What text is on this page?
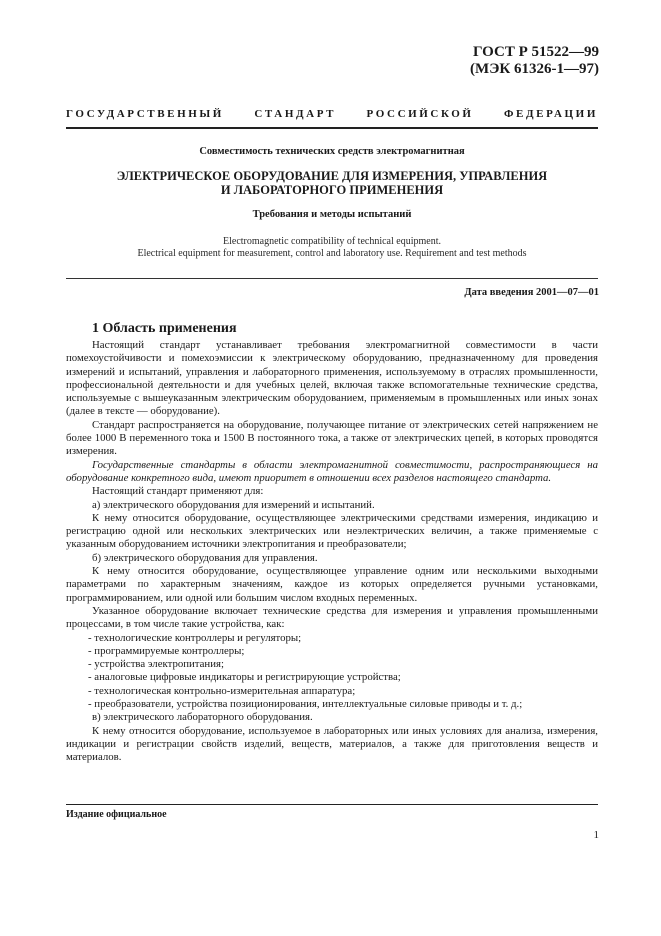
ГОСТ Р 51522—99
(МЭК 61326-1—97)
ГОСУДАРСТВЕННЫЙ СТАНДАРТ РОССИЙСКОЙ ФЕДЕРАЦИИ
Совместимость технических средств электромагнитная
ЭЛЕКТРИЧЕСКОЕ ОБОРУДОВАНИЕ ДЛЯ ИЗМЕРЕНИЯ, УПРАВЛЕНИЯ
И ЛАБОРАТОРНОГО ПРИМЕНЕНИЯ
Требования и методы испытаний
Electromagnetic compatibility of technical equipment.
Electrical equipment for measurement, control and laboratory use. Requirement and test methods
Дата введения 2001—07—01
1 Область применения

Настоящий стандарт устанавливает требования электромагнитной совместимости в части помехоустойчивости и помехоэмиссии к электрическому оборудованию, предназначенному для проведения измерений и испытаний, управления и лабораторного применения, используемому в отраслях промышленности, профессиональной деятельности и для учебных целей, включая также вспомогательные технические средства, используемые с вышеуказанным электрическим оборудованием, применяемым в промышленных или иных зонах (далее в тексте — оборудование).

Стандарт распространяется на оборудование, получающее питание от электрических сетей напряжением не более 1000 В переменного тока и 1500 В постоянного тока, а также от электрических цепей, в которых проводятся измерения.

Государственные стандарты в области электромагнитной совместимости, распространяющиеся на оборудование конкретного вида, имеют приоритет в отношении всех разделов настоящего стандарта.

Настоящий стандарт применяют для:

а) электрического оборудования для измерений и испытаний.

К нему относится оборудование, осуществляющее электрическими средствами измерения, индикацию и регистрацию одной или нескольких электрических или неэлектрических величин, а также применяемые с указанным оборудованием источники электропитания и преобразователи;

б) электрического оборудования для управления.

К нему относится оборудование, осуществляющее управление одним или несколькими выходными параметрами по характерным значениям, каждое из которых определяется ручными установками, программированием, или одной или большим числом входных переменных.

Указанное оборудование включает технические средства для измерения и управления промышленными процессами, в том числе такие устройства, как:

- технологические контроллеры и регуляторы;

- программируемые контроллеры;

- устройства электропитания;

- аналоговые цифровые индикаторы и регистрирующие устройства;

- технологическая контрольно-измерительная аппаратура;

- преобразователи, устройства позиционирования, интеллектуальные силовые приводы и т. д.;

в) электрического лабораторного оборудования.

К нему относится оборудование, используемое в лабораторных или иных условиях для анализа, измерения, индикации и регистрации свойств изделий, веществ, материалов, а также для приготовления веществ и материалов.

Издание официальное
1
